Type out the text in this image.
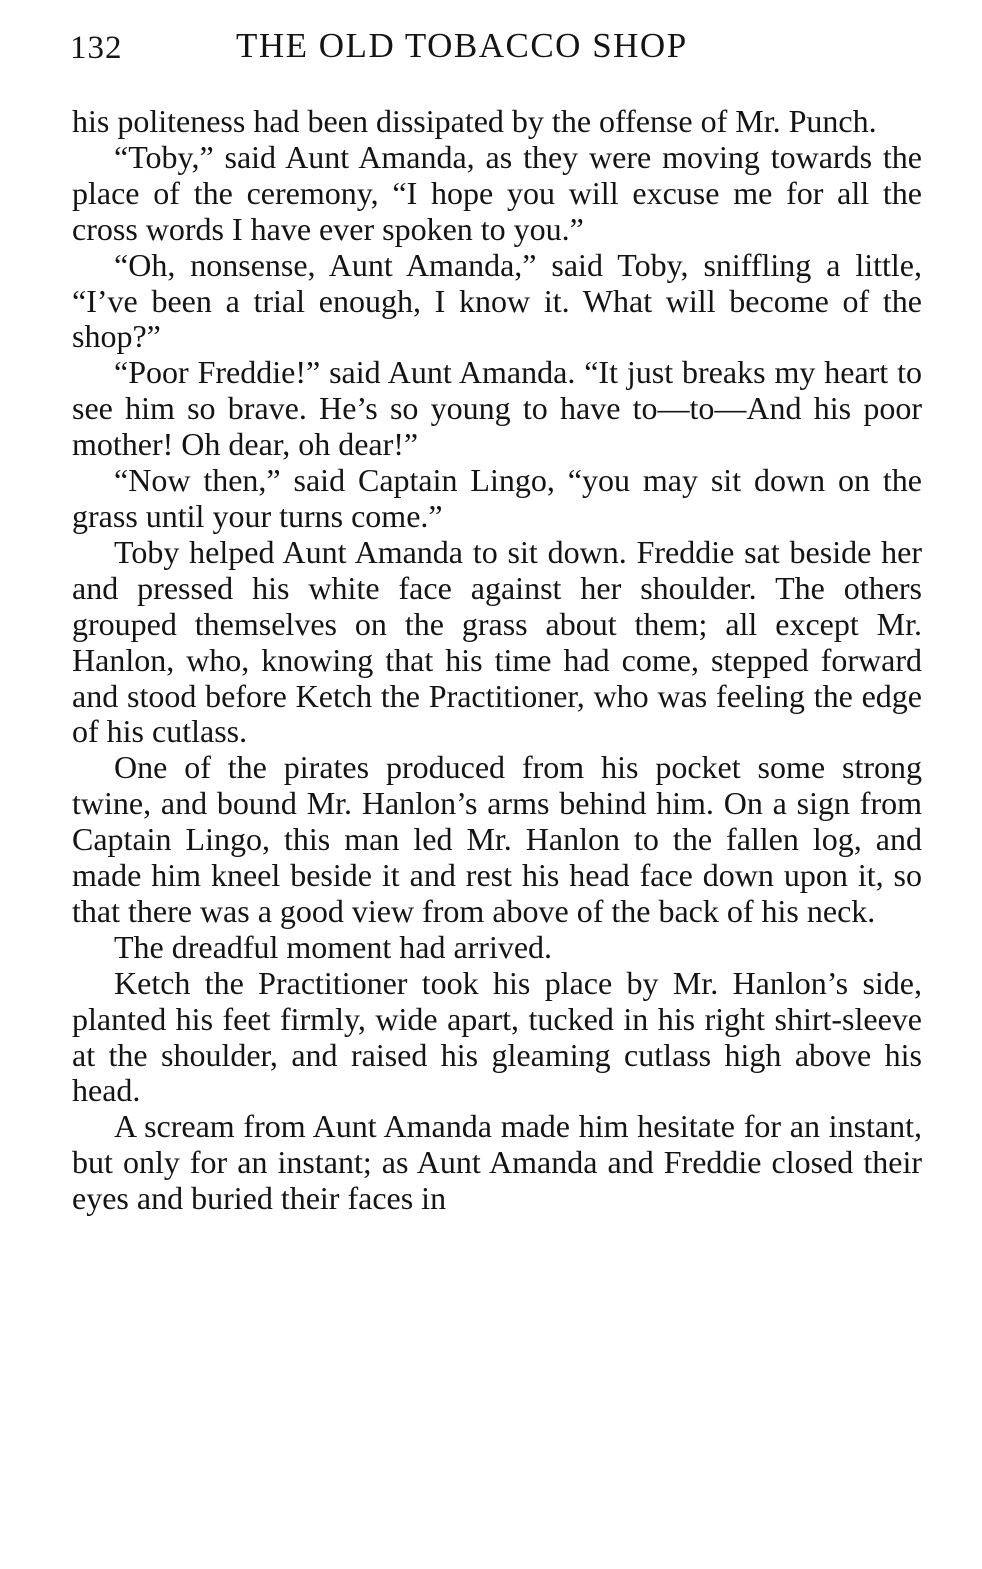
132	THE OLD TOBACCO SHOP

his politeness had been dissipated by the offense of Mr. Punch.

“Toby,” said Aunt Amanda, as they were moving towards the place of the ceremony, “I hope you will excuse me for all the cross words I have ever spoken to you.”

“Oh, nonsense, Aunt Amanda,” said Toby, sniffling a little, “I’ve been a trial enough, I know it. What will become of the shop?”

“Poor Freddie!” said Aunt Amanda. “It just breaks my heart to see him so brave. He’s so young to have to—to—And his poor mother! Oh dear, oh dear!”

“Now then,” said Captain Lingo, “you may sit down on the grass until your turns come.”

Toby helped Aunt Amanda to sit down. Freddie sat beside her and pressed his white face against her shoulder. The others grouped themselves on the grass about them; all except Mr. Hanlon, who, knowing that his time had come, stepped forward and stood before Ketch the Practitioner, who was feeling the edge of his cutlass.

One of the pirates produced from his pocket some strong twine, and bound Mr. Hanlon’s arms behind him. On a sign from Captain Lingo, this man led Mr. Hanlon to the fallen log, and made him kneel beside it and rest his head face down upon it, so that there was a good view from above of the back of his neck.

The dreadful moment had arrived.

Ketch the Practitioner took his place by Mr. Hanlon’s side, planted his feet firmly, wide apart, tucked in his right shirt-sleeve at the shoulder, and raised his gleaming cutlass high above his head.

A scream from Aunt Amanda made him hesitate for an instant, but only for an instant; as Aunt Amanda and Freddie closed their eyes and buried their faces in
